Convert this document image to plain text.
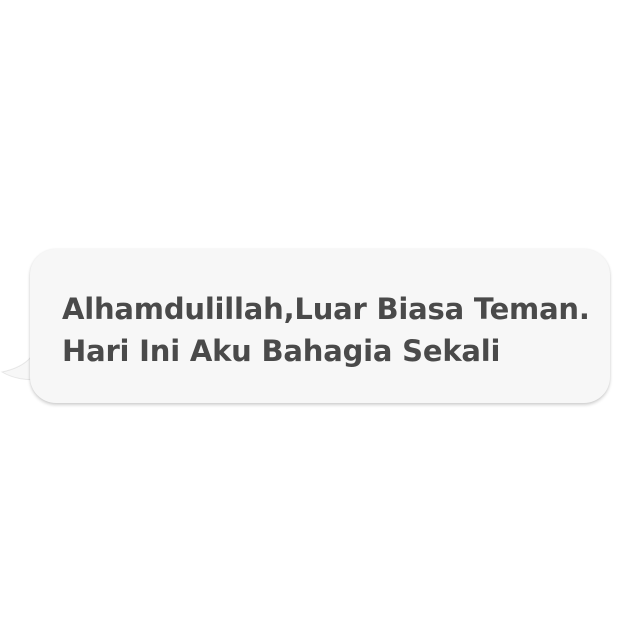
Alhamdulillah,Luar Biasa Teman.
Hari Ini Aku Bahagia Sekali
